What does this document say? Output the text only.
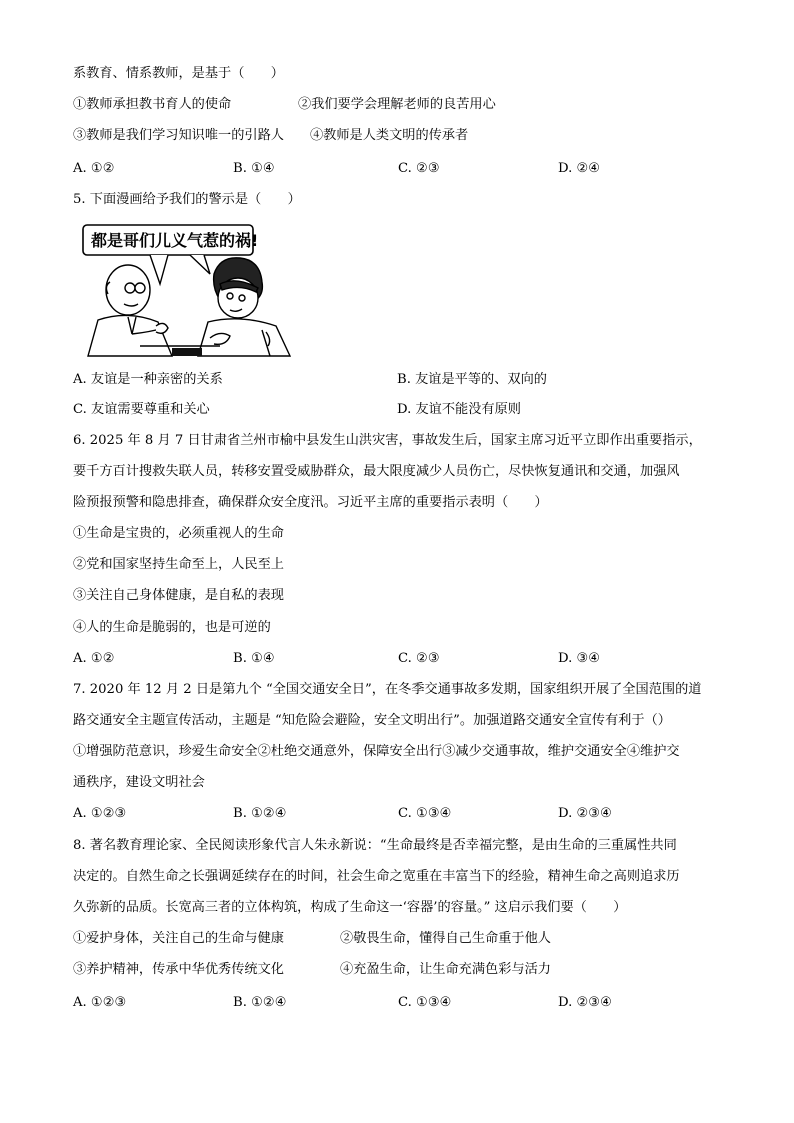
系教育、情系教师，是基于（　　）
①教师承担教书育人的使命	②我们要学会理解老师的良苦用心
③教师是我们学习知识唯一的引路人 ④教师是人类文明的传承者
A. ①②	B. ①④	C. ②③	D. ②④
5. 下面漫画给予我们的警示是（　　）
都是哥们儿义气惹的祸!
A. 友谊是一种亲密的关系	B. 友谊是平等的、双向的
C. 友谊需要尊重和关心	D. 友谊不能没有原则
6. 2025 年 8 月 7 日甘肃省兰州市榆中县发生山洪灾害，事故发生后，国家主席习近平立即作出重要指示，
要千方百计搜救失联人员，转移安置受威胁群众，最大限度减少人员伤亡，尽快恢复通讯和交通，加强风
险预报预警和隐患排查，确保群众安全度汛。习近平主席的重要指示表明（　　）
①生命是宝贵的，必须重视人的生命
②党和国家坚持生命至上，人民至上
③关注自己身体健康，是自私的表现
④人的生命是脆弱的，也是可逆的
A. ①②	B. ①④	C. ②③	D. ③④
7. 2020 年 12 月 2 日是第九个 “全国交通安全日”，在冬季交通事故多发期，国家组织开展了全国范围的道
路交通安全主题宣传活动，主题是 “知危险会避险，安全文明出行”。加强道路交通安全宣传有利于（）
①增强防范意识，珍爱生命安全②杜绝交通意外，保障安全出行③减少交通事故，维护交通安全④维护交
通秩序，建设文明社会
A. ①②③	B. ①②④	C. ①③④	D. ②③④
8. 著名教育理论家、全民阅读形象代言人朱永新说：“生命最终是否幸福完整，是由生命的三重属性共同
决定的。自然生命之长强调延续存在的时间，社会生命之宽重在丰富当下的经验，精神生命之高则追求历
久弥新的品质。长宽高三者的立体构筑，构成了生命这一‘容器’的容量。” 这启示我们要（　　）
①爱护身体，关注自己的生命与健康	②敬畏生命，懂得自己生命重于他人
③养护精神，传承中华优秀传统文化	④充盈生命，让生命充满色彩与活力
A. ①②③	B. ①②④	C. ①③④	D. ②③④
